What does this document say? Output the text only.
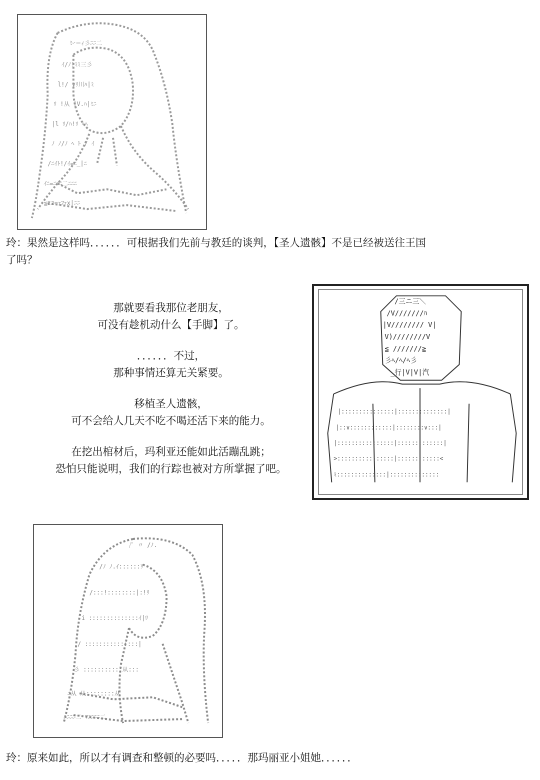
ﾐｰ＝ｨ彡ﾆﾆ二
ｲ/ﾉ!ﾐﾐ三彡
l!/ ∨ﾘ川ﾊ|ﾐ
ﾘ !从 |V.ﾊ|ﾐﾆ
|l ﾘ/ﾊ!ﾘ ﾍﾍ
ﾉ ﾉ/ﾉ ﾍ ﾄ / ｲ
/ﾆｲﾄ!/ｲ=ﾆ_|ﾆ
ｲﾆ=ﾆﾆﾆ二ﾆﾆﾆ
≦zz=ｧﾌｧx|ﾆﾆ
玲：果然是这样吗．．．．．．可根据我们先前与教廷的谈判，【圣人遗骸】不是已经被送往王国
了吗？
那就要看我那位老朋友，
可没有趁机动什么【手脚】了。
．．．．．．不过，
那种事情还算无关紧要。
移植圣人遗骸，
可不会给人几天不吃不喝还活下来的能力。
在挖出棺材后，玛利亚还能如此活蹦乱跳；
恐怕只能说明，我们的行踪也被对方所掌握了吧。
/三ニ三＼
/V///////ﾊ
|V//////// V|
V)////////V
≦ ///////≧
彡ﾍ/ﾍ/ﾍ彡
_行|V|V|汽
|:::::::::::::::|::::::::::::::|
|::∨::::::::::::|::::::::∨:::|
|::::::::::::::::|:::::::::::::|
>::::::::::::::::|::::::::::::<
ﾐ::::::::::::::|::::::::::::::
/ﾟ 〃 /ﾉ.
/ﾉ ﾉ.ｲ::::::ﾘ
/:::!::::::::|:!ﾘ
i ::::::::::::::ｲ|ﾘ
/ :::::::::::::::|
彡 :::::::::::从:::
ﾆ从 从::::::::从
ﾆﾆﾆﾆ二 ﾏﾆﾆﾆﾆ二
玲：原来如此，所以才有调查和整顿的必要吗．．．．．那玛丽亚小姐她．．．．．．
